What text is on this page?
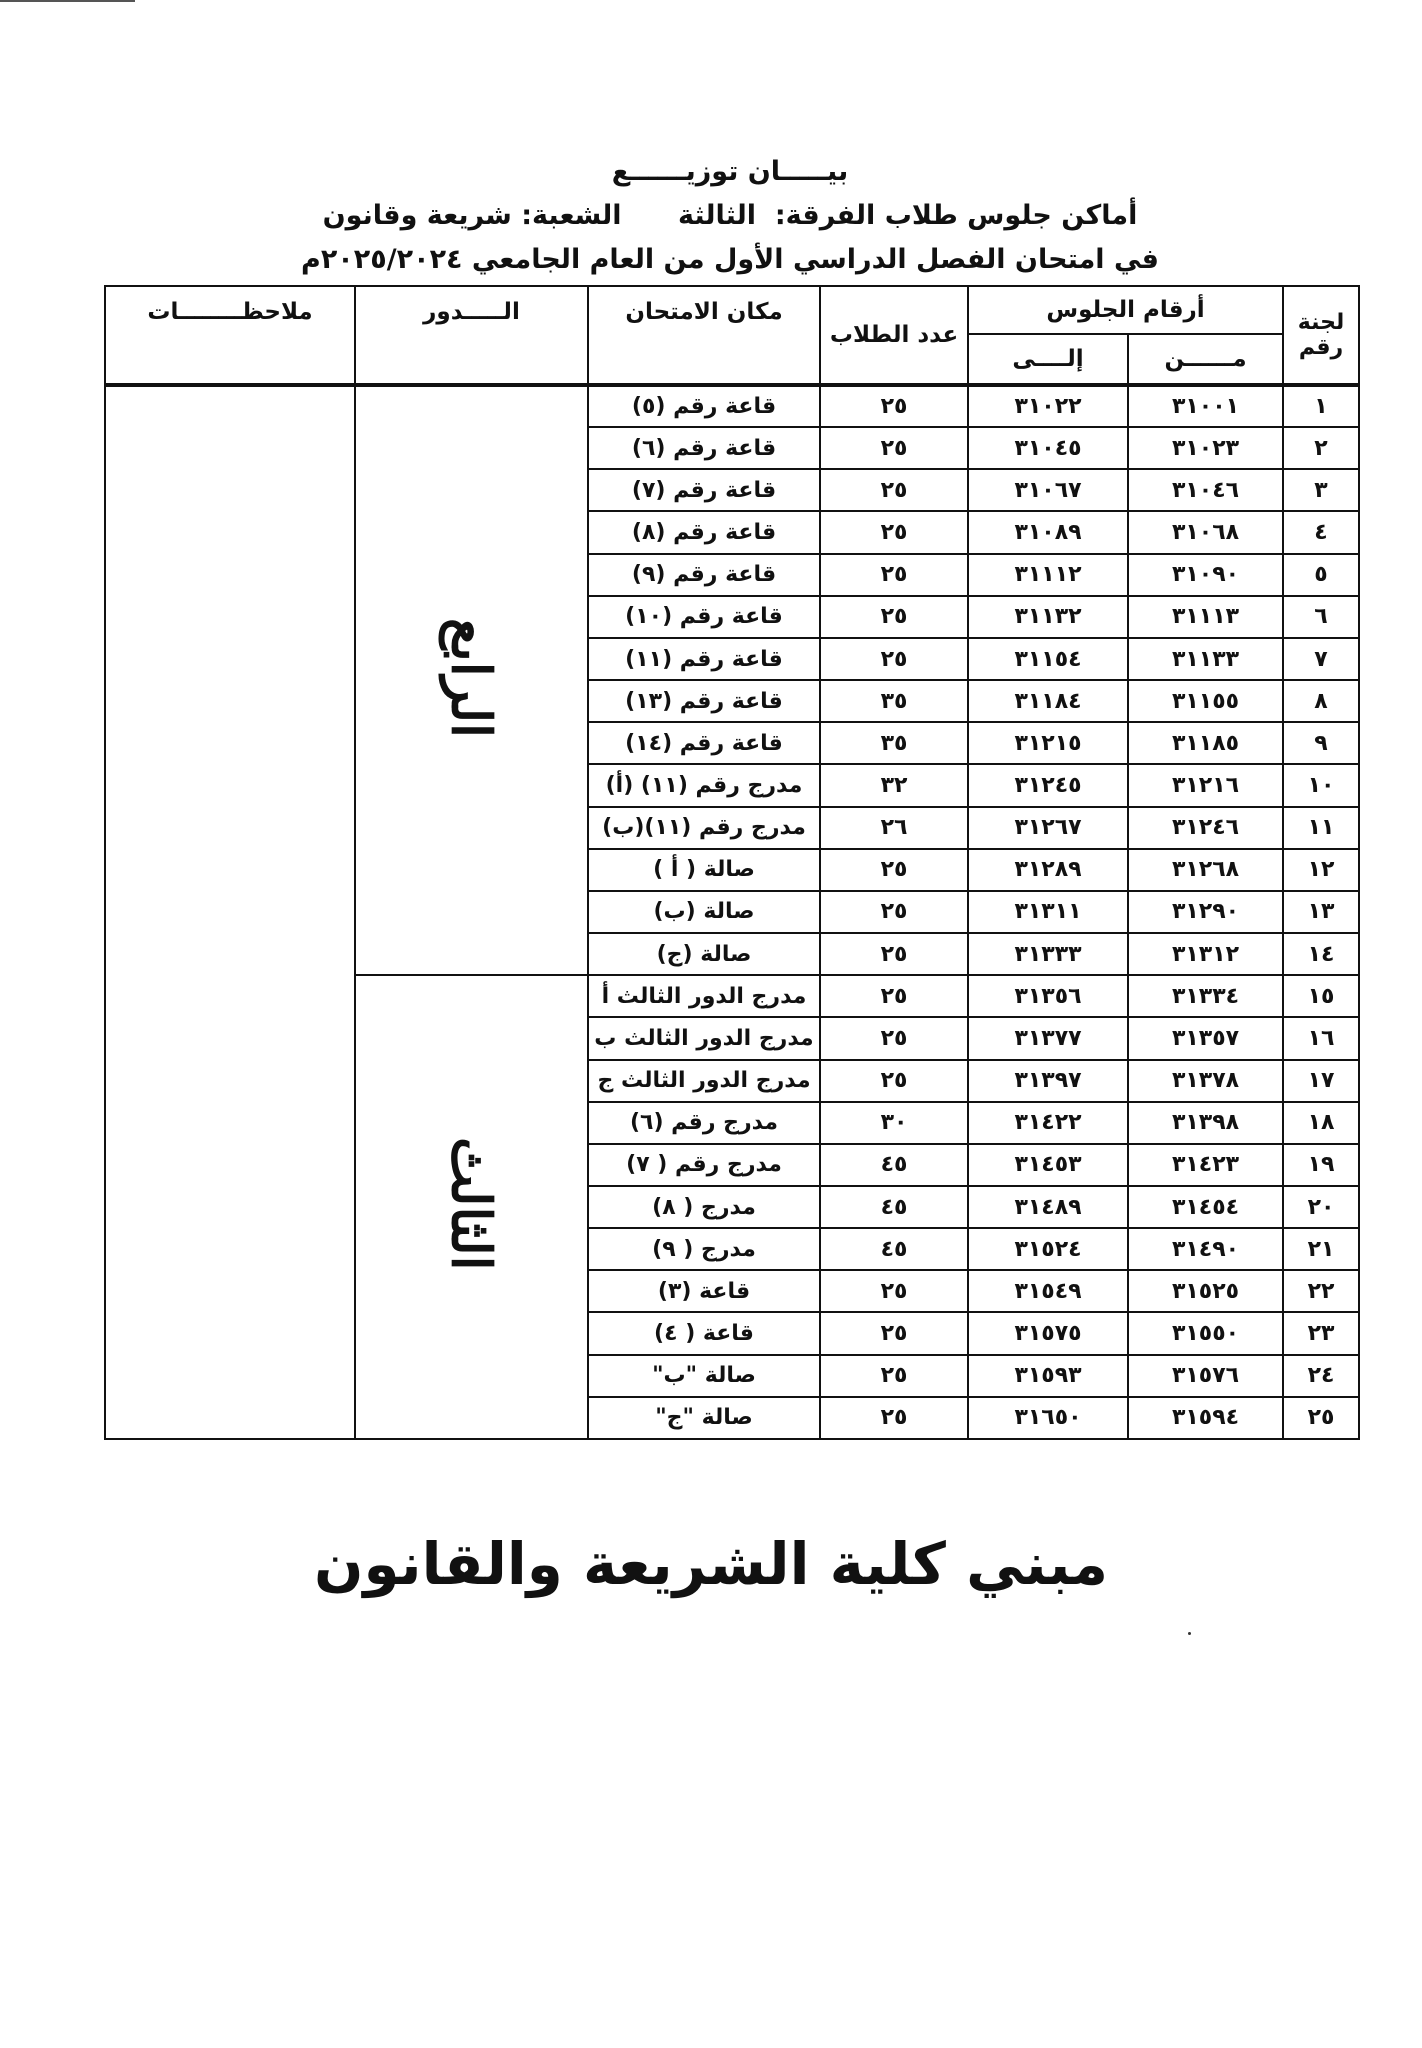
بيـــــان توزيــــــع
أماكن جلوس طلاب الفرقة:  الثالثة      الشعبة: شريعة وقانون
في امتحان الفصل الدراسي الأول من العام الجامعي ٢٠٢٥/٢٠٢٤م
لجنة رقم	أرقام الجلوس		عدد الطلاب	مكان الامتحان	الـــــدور	ملاحظــــــــات
	مــــــن	إلــــى				
١	٣١٠٠١	٣١٠٢٢	٢٥	قاعة رقم (٥)	الرابع	
٢	٣١٠٢٣	٣١٠٤٥	٢٥	قاعة رقم (٦)		
٣	٣١٠٤٦	٣١٠٦٧	٢٥	قاعة رقم (٧)		
٤	٣١٠٦٨	٣١٠٨٩	٢٥	قاعة رقم (٨)		
٥	٣١٠٩٠	٣١١١٢	٢٥	قاعة رقم (٩)		
٦	٣١١١٣	٣١١٣٢	٢٥	قاعة رقم (١٠)		
٧	٣١١٣٣	٣١١٥٤	٢٥	قاعة رقم (١١)		
٨	٣١١٥٥	٣١١٨٤	٣٥	قاعة رقم (١٣)		
٩	٣١١٨٥	٣١٢١٥	٣٥	قاعة رقم (١٤)		
١٠	٣١٢١٦	٣١٢٤٥	٣٢	مدرج رقم (١١) (أ)		
١١	٣١٢٤٦	٣١٢٦٧	٢٦	مدرج رقم (١١)(ب)		
١٢	٣١٢٦٨	٣١٢٨٩	٢٥	صالة ( أ )		
١٣	٣١٢٩٠	٣١٣١١	٢٥	صالة (ب)		
١٤	٣١٣١٢	٣١٣٣٣	٢٥	صالة (ج)		
١٥	٣١٣٣٤	٣١٣٥٦	٢٥	مدرج الدور الثالث أ	الثالث	
١٦	٣١٣٥٧	٣١٣٧٧	٢٥	مدرج الدور الثالث ب		
١٧	٣١٣٧٨	٣١٣٩٧	٢٥	مدرج الدور الثالث ج		
١٨	٣١٣٩٨	٣١٤٢٢	٣٠	مدرج رقم (٦)		
١٩	٣١٤٢٣	٣١٤٥٣	٤٥	مدرج رقم ( ٧)		
٢٠	٣١٤٥٤	٣١٤٨٩	٤٥	مدرج ( ٨)		
٢١	٣١٤٩٠	٣١٥٢٤	٤٥	مدرج ( ٩)		
٢٢	٣١٥٢٥	٣١٥٤٩	٢٥	قاعة (٣)		
٢٣	٣١٥٥٠	٣١٥٧٥	٢٥	قاعة ( ٤)		
٢٤	٣١٥٧٦	٣١٥٩٣	٢٥	صالة "ب"		
٢٥	٣١٥٩٤	٣١٦٥٠	٢٥	صالة "ج"		
مبني كلية الشريعة والقانون
